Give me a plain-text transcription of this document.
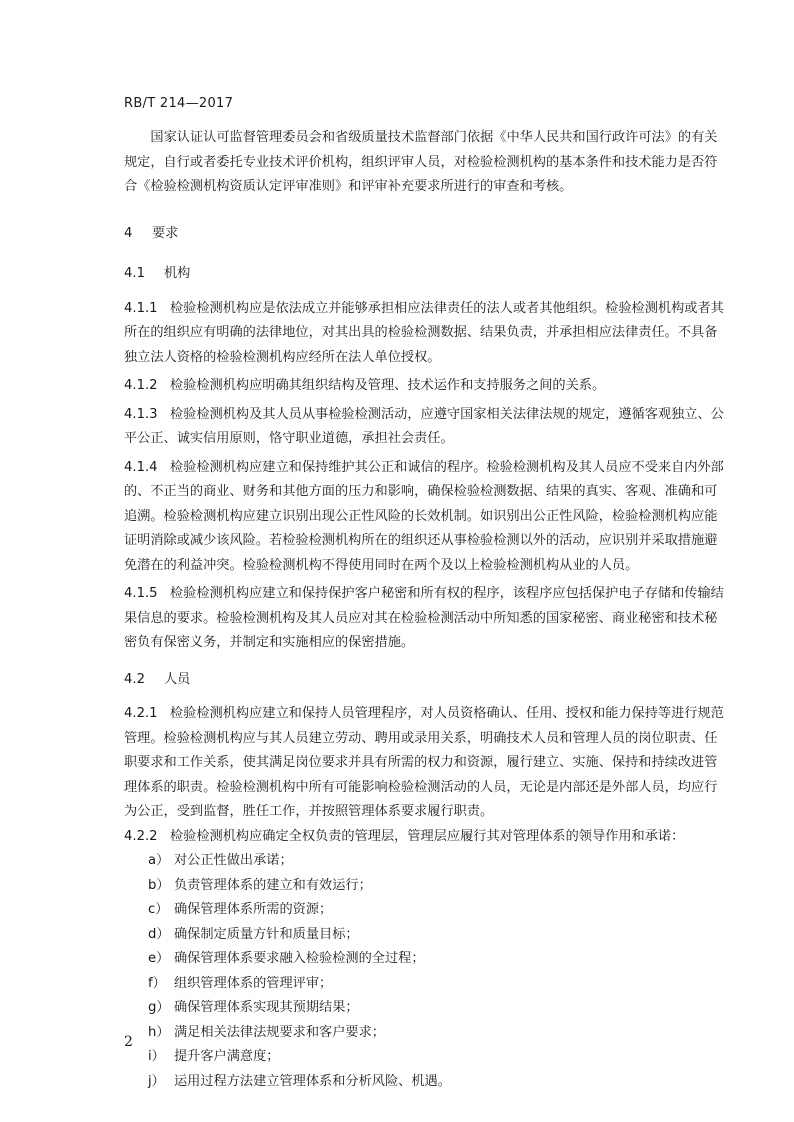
RB/T 214—2017

国家认证认可监督管理委员会和省级质量技术监督部门依据《中华人民共和国行政许可法》的有关规定，自行或者委托专业技术评价机构，组织评审人员，对检验检测机构的基本条件和技术能力是否符合《检验检测机构资质认定评审准则》和评审补充要求所进行的审查和考核。

4 要求
4.1 机构

4.1.1 检验检测机构应是依法成立并能够承担相应法律责任的法人或者其他组织。检验检测机构或者其所在的组织应有明确的法律地位，对其出具的检验检测数据、结果负责，并承担相应法律责任。不具备独立法人资格的检验检测机构应经所在法人单位授权。

4.1.2 检验检测机构应明确其组织结构及管理、技术运作和支持服务之间的关系。

4.1.3 检验检测机构及其人员从事检验检测活动，应遵守国家相关法律法规的规定，遵循客观独立、公平公正、诚实信用原则，恪守职业道德，承担社会责任。

4.1.4 检验检测机构应建立和保持维护其公正和诚信的程序。检验检测机构及其人员应不受来自内外部的、不正当的商业、财务和其他方面的压力和影响，确保检验检测数据、结果的真实、客观、准确和可追溯。检验检测机构应建立识别出现公正性风险的长效机制。如识别出公正性风险，检验检测机构应能证明消除或减少该风险。若检验检测机构所在的组织还从事检验检测以外的活动，应识别并采取措施避免潜在的利益冲突。检验检测机构不得使用同时在两个及以上检验检测机构从业的人员。

4.1.5 检验检测机构应建立和保持保护客户秘密和所有权的程序，该程序应包括保护电子存储和传输结果信息的要求。检验检测机构及其人员应对其在检验检测活动中所知悉的国家秘密、商业秘密和技术秘密负有保密义务，并制定和实施相应的保密措施。

4.2 人员

4.2.1 检验检测机构应建立和保持人员管理程序，对人员资格确认、任用、授权和能力保持等进行规范管理。检验检测机构应与其人员建立劳动、聘用或录用关系，明确技术人员和管理人员的岗位职责、任职要求和工作关系，使其满足岗位要求并具有所需的权力和资源，履行建立、实施、保持和持续改进管理体系的职责。检验检测机构中所有可能影响检验检测活动的人员，无论是内部还是外部人员，均应行为公正，受到监督，胜任工作，并按照管理体系要求履行职责。

4.2.2 检验检测机构应确定全权负责的管理层，管理层应履行其对管理体系的领导作用和承诺：

a） 对公正性做出承诺；
b） 负责管理体系的建立和有效运行；
c） 确保管理体系所需的资源；
d） 确保制定质量方针和质量目标；
e） 确保管理体系要求融入检验检测的全过程；
f） 组织管理体系的管理评审；
g） 确保管理体系实现其预期结果；
h） 满足相关法律法规要求和客户要求；
i） 提升客户满意度；
j） 运用过程方法建立管理体系和分析风险、机遇。
2
